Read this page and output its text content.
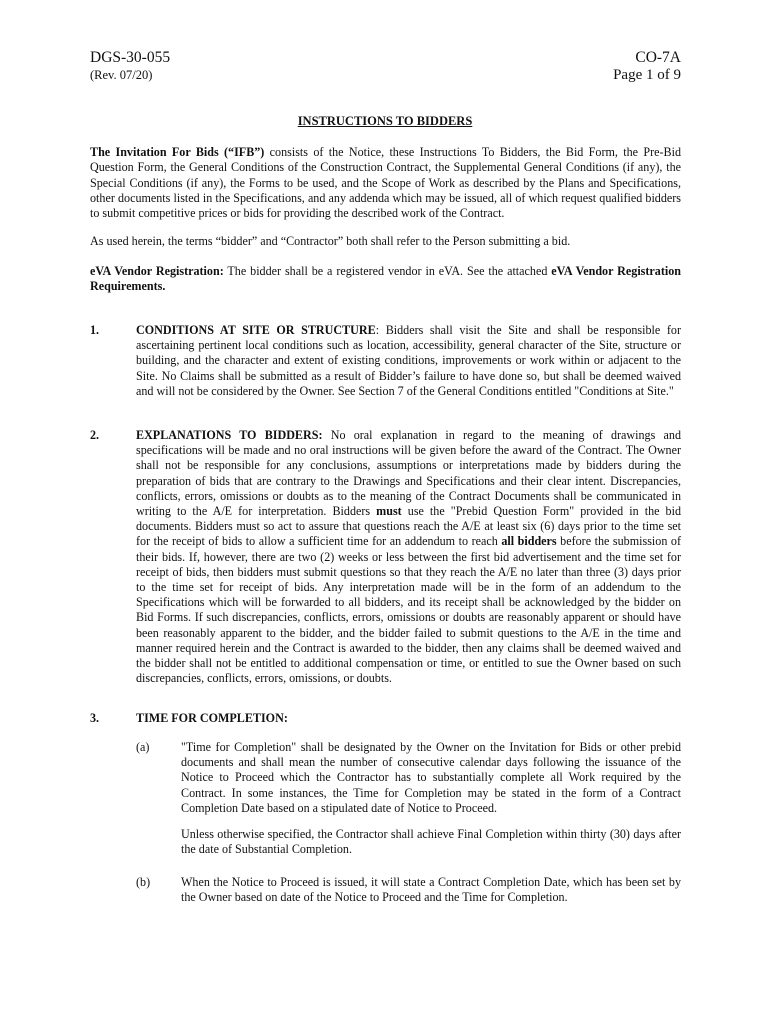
DGS-30-055	CO-7A
(Rev. 07/20)	Page 1 of 9
INSTRUCTIONS TO BIDDERS

The Invitation For Bids (“IFB”) consists of the Notice, these Instructions To Bidders, the Bid Form, the Pre-Bid Question Form, the General Conditions of the Construction Contract, the Supplemental General Conditions (if any), the Special Conditions (if any), the Forms to be used, and the Scope of Work as described by the Plans and Specifications, other documents listed in the Specifications, and any addenda which may be issued, all of which request qualified bidders to submit competitive prices or bids for providing the described work of the Contract.

As used herein, the terms “bidder” and “Contractor” both shall refer to the Person submitting a bid.

eVA Vendor Registration: The bidder shall be a registered vendor in eVA. See the attached eVA Vendor Registration Requirements.

1.	CONDITIONS AT SITE OR STRUCTURE: Bidders shall visit the Site and shall be responsible for ascertaining pertinent local conditions such as location, accessibility, general character of the Site, structure or building, and the character and extent of existing conditions, improvements or work within or adjacent to the Site. No Claims shall be submitted as a result of Bidder’s failure to have done so, but shall be deemed waived and will not be considered by the Owner. See Section 7 of the General Conditions entitled "Conditions at Site."

2.	EXPLANATIONS TO BIDDERS: No oral explanation in regard to the meaning of drawings and specifications will be made and no oral instructions will be given before the award of the Contract. The Owner shall not be responsible for any conclusions, assumptions or interpretations made by bidders during the preparation of bids that are contrary to the Drawings and Specifications and their clear intent. Discrepancies, conflicts, errors, omissions or doubts as to the meaning of the Contract Documents shall be communicated in writing to the A/E for interpretation. Bidders must use the "Prebid Question Form" provided in the bid documents. Bidders must so act to assure that questions reach the A/E at least six (6) days prior to the time set for the receipt of bids to allow a sufficient time for an addendum to reach all bidders before the submission of their bids. If, however, there are two (2) weeks or less between the first bid advertisement and the time set for receipt of bids, then bidders must submit questions so that they reach the A/E no later than three (3) days prior to the time set for receipt of bids. Any interpretation made will be in the form of an addendum to the Specifications which will be forwarded to all bidders, and its receipt shall be acknowledged by the bidder on Bid Forms. If such discrepancies, conflicts, errors, omissions or doubts are reasonably apparent or should have been reasonably apparent to the bidder, and the bidder failed to submit questions to the A/E in the time and manner required herein and the Contract is awarded to the bidder, then any claims shall be deemed waived and the bidder shall not be entitled to additional compensation or time, or entitled to sue the Owner based on such discrepancies, conflicts, errors, omissions, or doubts.

3.	TIME FOR COMPLETION:
(a)	"Time for Completion" shall be designated by the Owner on the Invitation for Bids or other prebid documents and shall mean the number of consecutive calendar days following the issuance of the Notice to Proceed which the Contractor has to substantially complete all Work required by the Contract. In some instances, the Time for Completion may be stated in the form of a Contract Completion Date based on a stipulated date of Notice to Proceed.

Unless otherwise specified, the Contractor shall achieve Final Completion within thirty (30) days after the date of Substantial Completion.

(b)	When the Notice to Proceed is issued, it will state a Contract Completion Date, which has been set by the Owner based on date of the Notice to Proceed and the Time for Completion.
